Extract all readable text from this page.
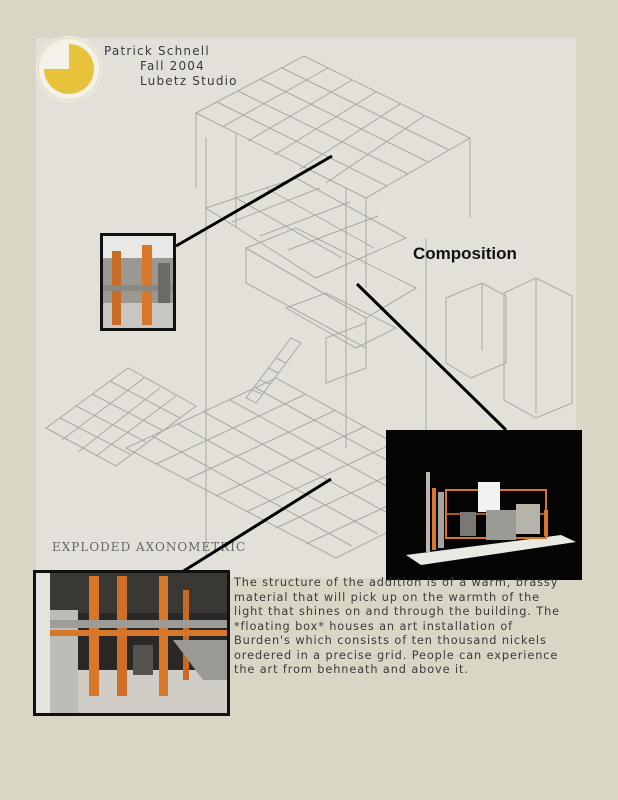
EXPLODED AXONOMETRIC
Patrick Schnell
Fall 2004
Lubetz Studio
Composition
The structure of the addition is of a warm, brassy material that will pick up on the warmth of the light that shines on and through the building. The *floating box* houses an art installation of Burden's which consists of ten thousand nickels oredered in a precise grid. People can experience the art from behneath and above it.
